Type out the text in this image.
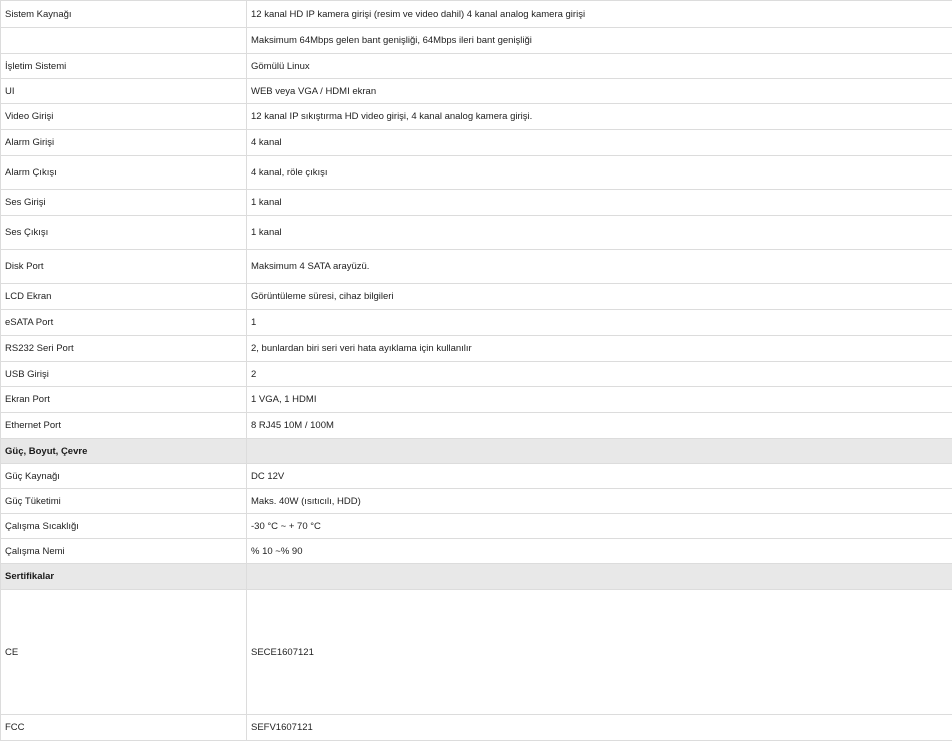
Sistem Kaynağı	12 kanal HD IP kamera girişi (resim ve video dahil) 4 kanal analog kamera girişi
	Maksimum 64Mbps gelen bant genişliği, 64Mbps ileri bant genişliği
İşletim Sistemi	Gömülü Linux
UI	WEB veya VGA / HDMI ekran
Video Girişi	12 kanal IP sıkıştırma HD video girişi, 4 kanal analog kamera girişi.
Alarm Girişi	4 kanal
Alarm Çıkışı	4 kanal, röle çıkışı
Ses Girişi	1 kanal
Ses Çıkışı	1 kanal
Disk Port	Maksimum 4 SATA arayüzü.
LCD Ekran	Görüntüleme süresi, cihaz bilgileri
eSATA Port	1
RS232 Seri Port	2, bunlardan biri seri veri hata ayıklama için kullanılır
USB Girişi	2
Ekran Port	1 VGA, 1 HDMI
Ethernet Port	8 RJ45 10M / 100M
Güç, Boyut, Çevre	
Güç Kaynağı	DC 12V
Güç Tüketimi	Maks. 40W (ısıtıcılı, HDD)
Çalışma Sıcaklığı	-30 °C ~ + 70 °C
Çalışma Nemi	% 10 ~% 90
Sertifikalar	
CE	SECE1607121
FCC	SEFV1607121
